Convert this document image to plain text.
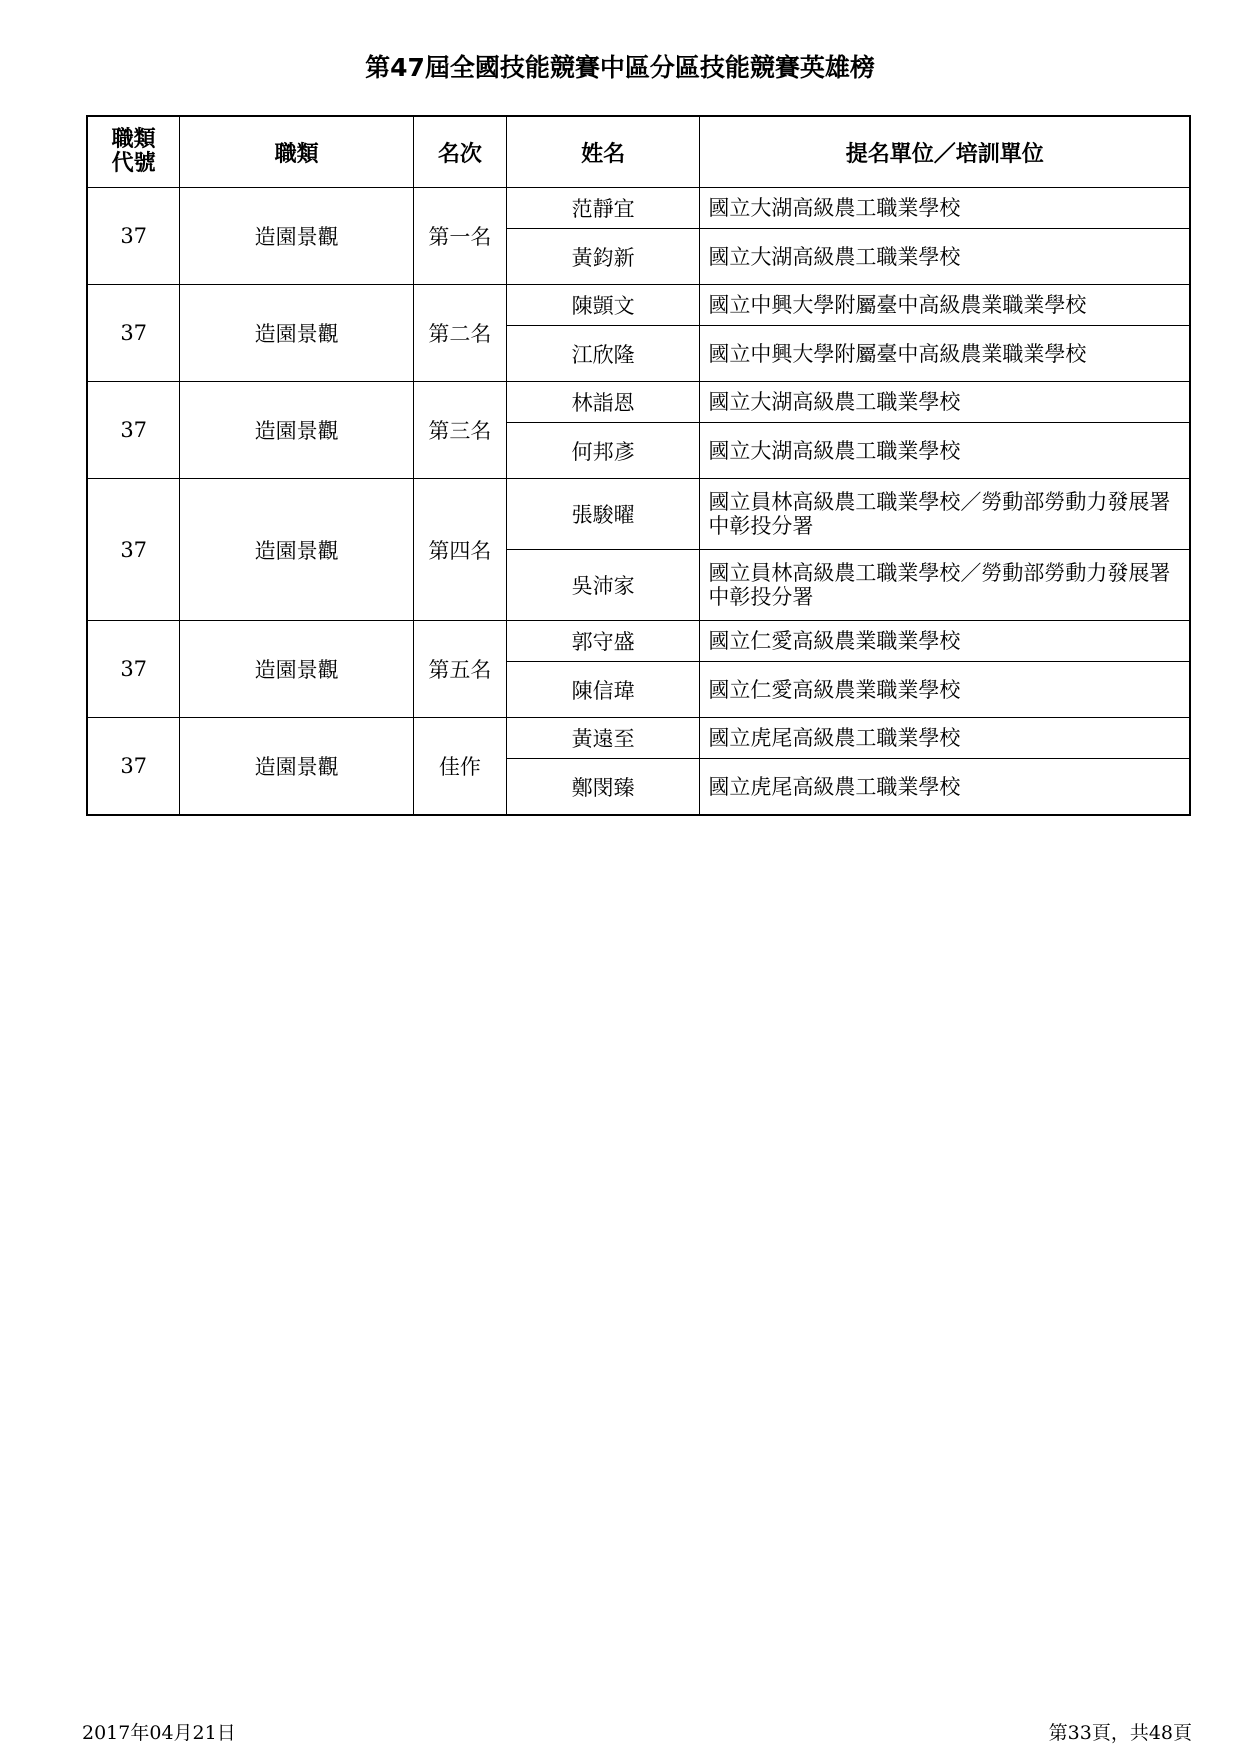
第47屆全國技能競賽中區分區技能競賽英雄榜
職類
代號	職類	名次	姓名	提名單位／培訓單位
37	造園景觀	第一名	范靜宜	國立大湖高級農工職業學校
			黃鈞新	國立大湖高級農工職業學校
37	造園景觀	第二名	陳顗文	國立中興大學附屬臺中高級農業職業學校
			江欣隆	國立中興大學附屬臺中高級農業職業學校
37	造園景觀	第三名	林詣恩	國立大湖高級農工職業學校
			何邦彥	國立大湖高級農工職業學校
37	造園景觀	第四名	張駿曜	國立員林高級農工職業學校／勞動部勞動力發展署中彰投分署
			吳沛家	國立員林高級農工職業學校／勞動部勞動力發展署中彰投分署
37	造園景觀	第五名	郭守盛	國立仁愛高級農業職業學校
			陳信瑋	國立仁愛高級農業職業學校
37	造園景觀	佳作	黃遠至	國立虎尾高級農工職業學校
			鄭閔臻	國立虎尾高級農工職業學校
2017年04月21日	第33頁，共48頁
